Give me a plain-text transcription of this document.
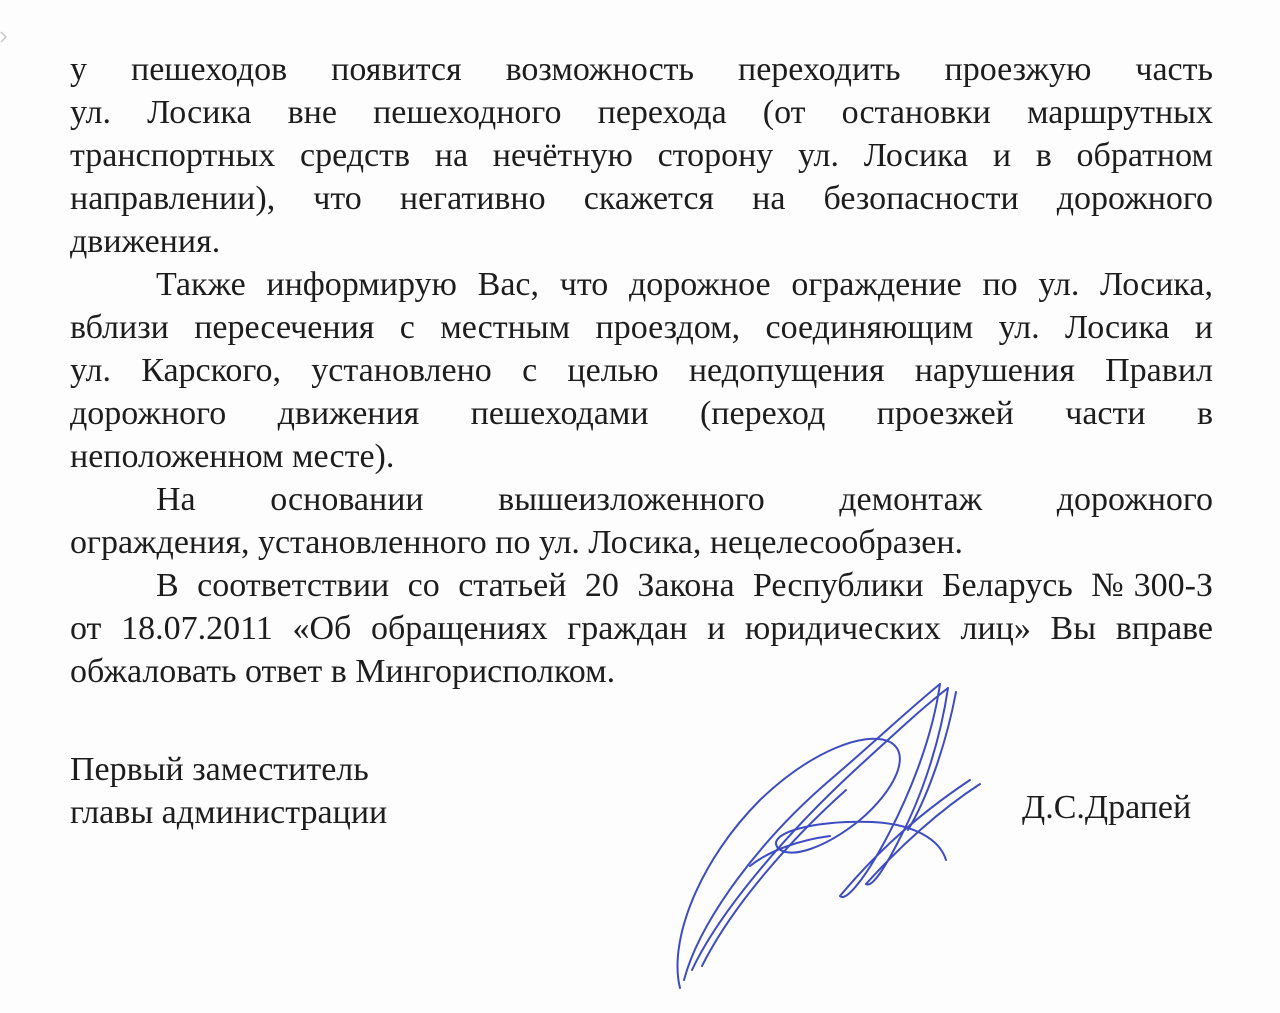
у пешеходов появится возможность переходить проезжую часть
ул. Лосика вне пешеходного перехода (от остановки маршрутных
транспортных средств на нечётную сторону ул. Лосика и в обратном
направлении), что негативно скажется на безопасности дорожного
движения.
Также информирую Вас, что дорожное ограждение по ул. Лосика,
вблизи пересечения с местным проездом, соединяющим ул. Лосика и
ул. Карского, установлено с целью недопущения нарушения Правил
дорожного движения пешеходами (переход проезжей части в
неположенном месте).
На основании вышеизложенного демонтаж дорожного
ограждения, установленного по ул. Лосика, нецелесообразен.
В соответствии со статьей 20 Закона Республики Беларусь №300-З
от 18.07.2011 «Об обращениях граждан и юридических лиц» Вы вправе
обжаловать ответ в Мингорисполком.
Первый заместитель
главы администрации	Д.С.Драпей
